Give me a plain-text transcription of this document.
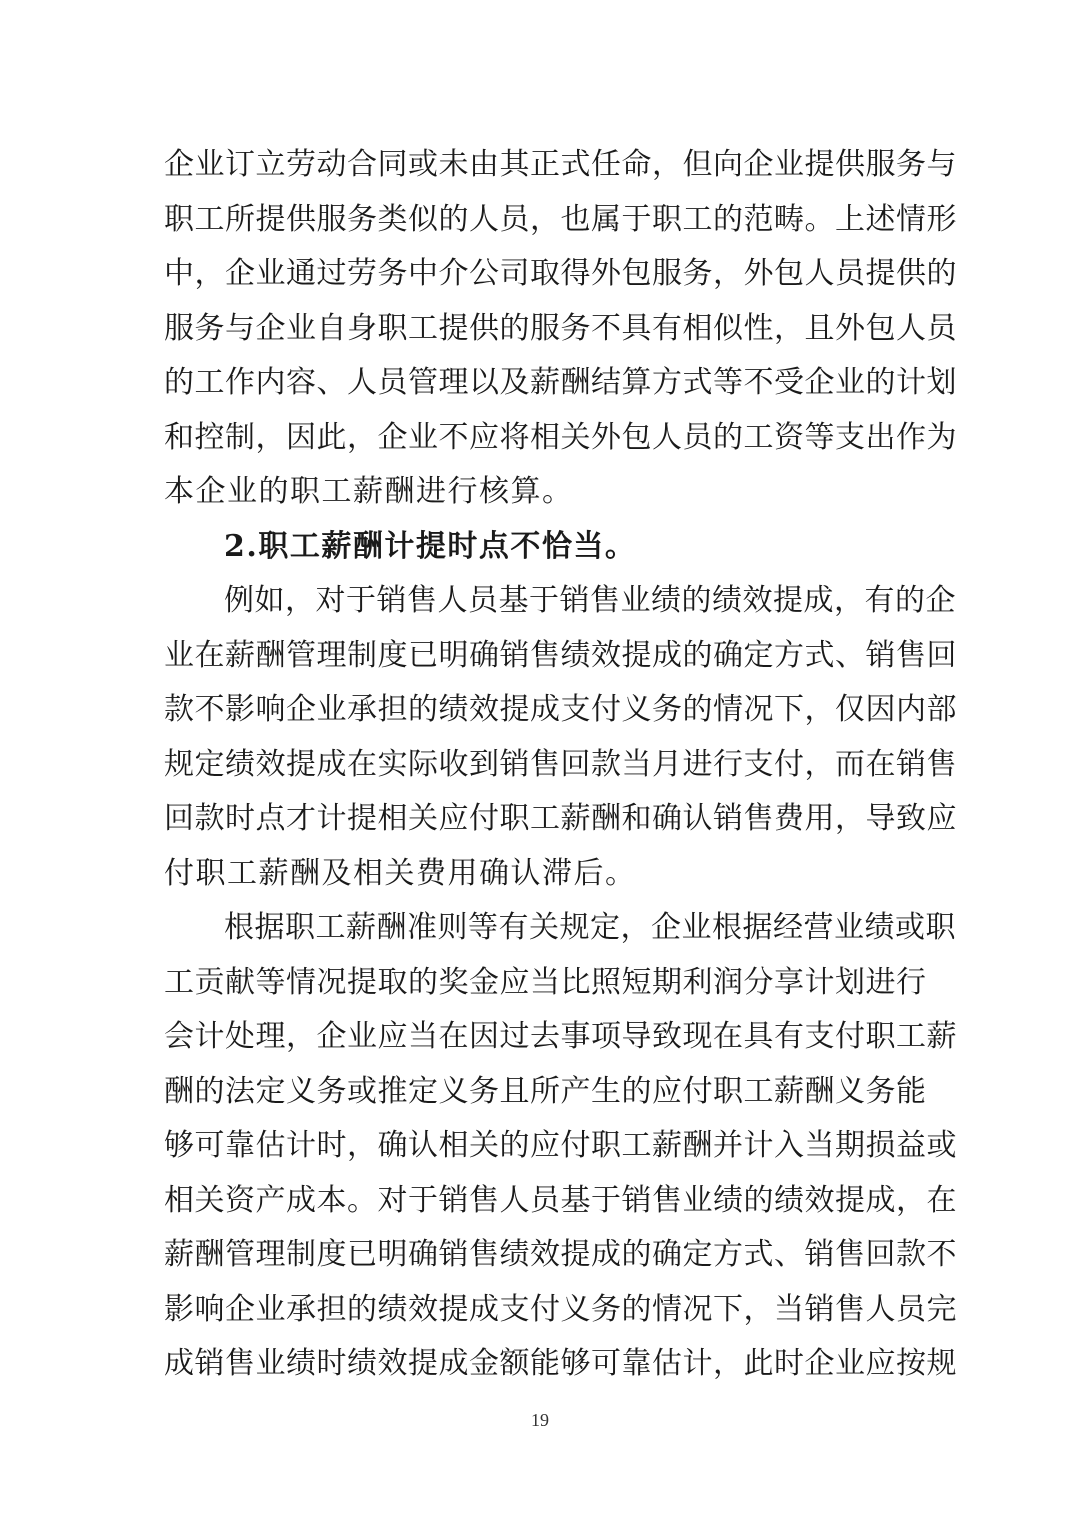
企业订立劳动合同或未由其正式任命，但向企业提供服务与
职工所提供服务类似的人员，也属于职工的范畴。上述情形
中，企业通过劳务中介公司取得外包服务，外包人员提供的
服务与企业自身职工提供的服务不具有相似性，且外包人员
的工作内容、人员管理以及薪酬结算方式等不受企业的计划
和控制，因此，企业不应将相关外包人员的工资等支出作为
本企业的职工薪酬进行核算。
2.职工薪酬计提时点不恰当。
例如，对于销售人员基于销售业绩的绩效提成，有的企
业在薪酬管理制度已明确销售绩效提成的确定方式、销售回
款不影响企业承担的绩效提成支付义务的情况下，仅因内部
规定绩效提成在实际收到销售回款当月进行支付，而在销售
回款时点才计提相关应付职工薪酬和确认销售费用，导致应
付职工薪酬及相关费用确认滞后。
根据职工薪酬准则等有关规定，企业根据经营业绩或职
工贡献等情况提取的奖金应当比照短期利润分享计划进行
会计处理，企业应当在因过去事项导致现在具有支付职工薪
酬的法定义务或推定义务且所产生的应付职工薪酬义务能
够可靠估计时，确认相关的应付职工薪酬并计入当期损益或
相关资产成本。对于销售人员基于销售业绩的绩效提成，在
薪酬管理制度已明确销售绩效提成的确定方式、销售回款不
影响企业承担的绩效提成支付义务的情况下，当销售人员完
成销售业绩时绩效提成金额能够可靠估计，此时企业应按规
19
